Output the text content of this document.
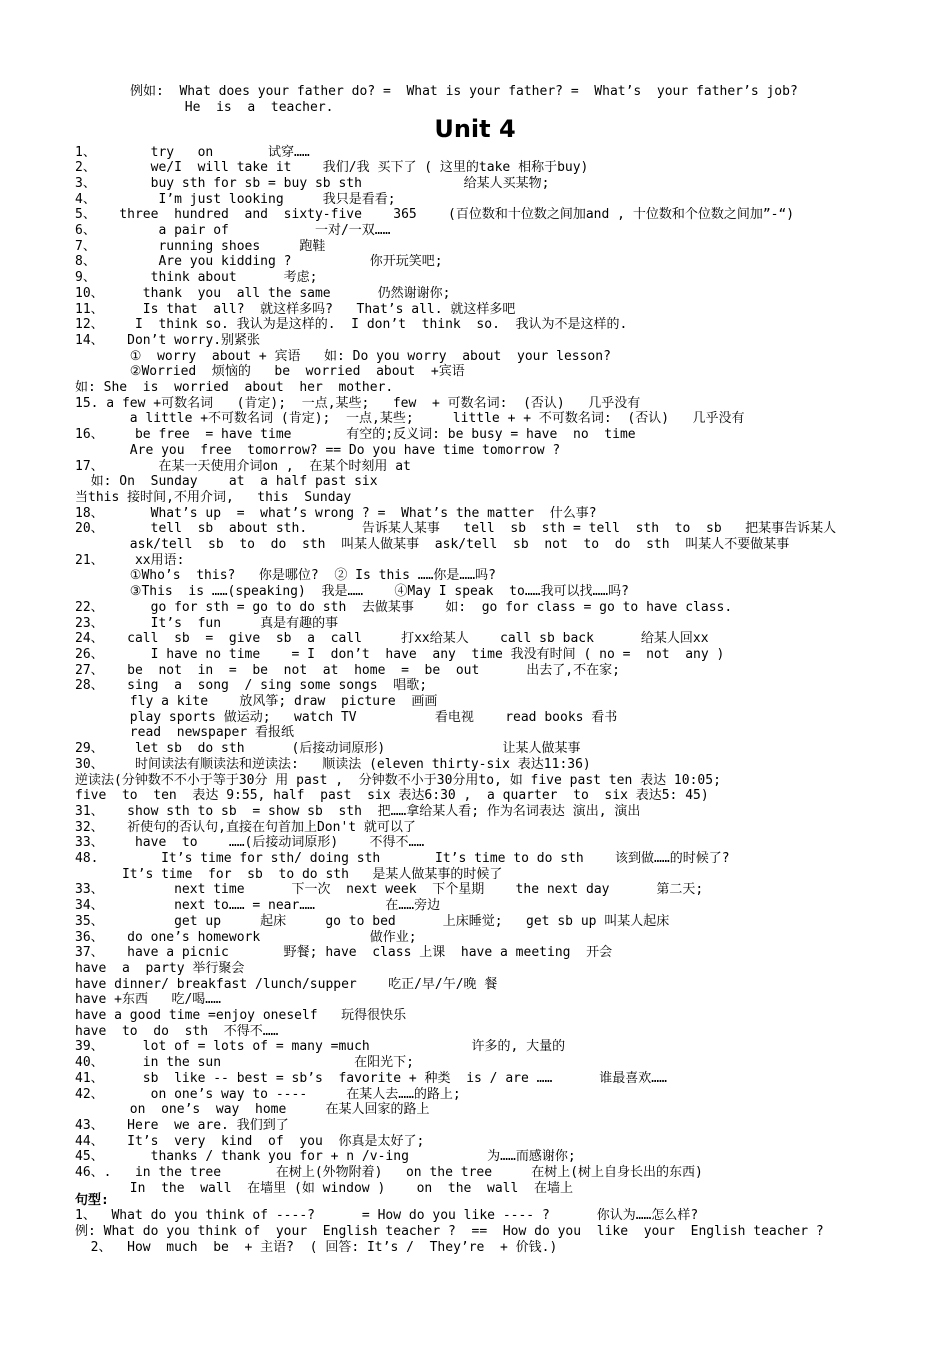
例如:  What does your father do? =  What is your father? =  What’s  your father’s job?
He  is  a  teacher.
Unit 4
1、       try   on       试穿……
2、       we/I  will take it    我们/我 买下了 ( 这里的take 相称于buy)
3、       buy sth for sb = buy sb sth             给某人买某物;
4、        I’m just looking     我只是看看;
5、   three  hundred  and  sixty-five    365    (百位数和十位数之间加and , 十位数和个位数之间加”-“)
6、        a pair of           一对/一双……
7、        running shoes     跑鞋
8、        Are you kidding ?          你开玩笑吧;
9、       think about      考虑;
10、     thank  you  all the same      仍然谢谢你;
11、     Is that  all?  就这样多吗?   That’s all. 就这样多吧
12、    I  think so. 我认为是这样的.  I don’t  think  so.  我认为不是这样的.
14、   Don’t worry.别紧张
①  worry  about + 宾语   如: Do you worry  about  your lesson?
②Worried  烦恼的   be  worried  about  +宾语
如: She  is  worried  about  her  mother.
15. a few +可数名词   (肯定);  一点,某些;   few  + 可数名词:  (否认)   几乎没有
a little +不可数名词 (肯定);  一点,某些;     little + + 不可数名词:  (否认)   几乎没有
16、    be free  = have time       有空的;反义词: be busy = have  no  time
Are you  free  tomorrow? == Do you have time tomorrow ?
17、       在某一天使用介词on ,  在某个时刻用 at
如: On  Sunday    at  a half past six
当this 接时间,不用介词,   this  Sunday
18、      What’s up  =  what’s wrong ? =  What’s the matter  什么事?
20、      tell  sb  about sth.       告诉某人某事   tell  sb  sth = tell  sth  to  sb   把某事告诉某人
ask/tell  sb  to  do  sth  叫某人做某事  ask/tell  sb  not  to  do  sth  叫某人不要做某事
21、    xx用语:
①Who’s  this?   你是哪位?  ② Is this ……你是……吗?
③This  is ……(speaking)  我是……    ④May I speak  to……我可以找……吗?
22、      go for sth = go to do sth  去做某事    如:  go for class = go to have class.
23、      It’s  fun     真是有趣的事
24、   call  sb  =  give  sb  a  call     打xx给某人    call sb back      给某人回xx
26、      I have no time    = I  don’t  have  any  time 我没有时间 ( no =  not  any )
27、   be  not  in  =  be  not  at  home  =  be  out      出去了,不在家;
28、   sing  a  song  / sing some songs  唱歌;
fly a kite    放风筝; draw  picture  画画
play sports 做运动;   watch TV          看电视    read books 看书
read  newspaper 看报纸
29、    let sb  do sth      (后接动词原形)               让某人做某事
30、    时间读法有顺读法和逆读法:   顺读法 (eleven thirty-six 表达11:36)
逆读法(分钟数不不小于等于30分 用 past ,  分钟数不小于30分用to, 如 five past ten 表达 10:05;
five  to  ten  表达 9:55, half  past  six 表达6:30 ,  a quarter  to  six 表达5: 45)
31、   show sth to sb  = show sb  sth  把……拿给某人看; 作为名词表达 演出, 演出
32、   祈使句的否认句,直接在句首加上Don't 就可以了
33、    have  to    ……(后接动词原形)    不得不……
48.        It’s time for sth/ doing sth       It’s time to do sth    该到做……的时候了?
It’s time  for  sb  to do sth   是某人做某事的时候了
33、         next time      下一次  next week  下个星期    the next day      第二天;
34、         next to…… = near……         在……旁边
35、         get up     起床     go to bed      上床睡觉;   get sb up 叫某人起床
36、   do one’s homework              做作业;
37、   have a picnic       野餐; have  class 上课  have a meeting  开会
have  a  party 举行聚会
have dinner/ breakfast /lunch/supper    吃正/早/午/晚 餐
have +东西   吃/喝……
have a good time =enjoy oneself   玩得很快乐
have  to  do  sth  不得不……
39、     lot of = lots of = many =much             许多的, 大量的
40、     in the sun                 在阳光下;
41、     sb  like -- best = sb’s  favorite + 种类  is / are ……      谁最喜欢……
42、      on one’s way to ----     在某人去……的路上;
on  one’s  way  home     在某人回家的路上
43、   Here  we are. 我们到了
44、   It’s  very  kind  of  you  你真是太好了;
45、      thanks / thank you for + n /v-ing          为……而感谢你;
46、.   in the tree       在树上(外物附着)   on the tree     在树上(树上自身长出的东西)
In  the  wall  在墙里 (如 window )    on  the  wall  在墙上
句型:
1、  What do you think of ----?      = How do you like ---- ?      你认为……怎么样?
例: What do you think of  your  English teacher ?  ==  How do you  like  your  English teacher ?
2、  How  much  be  + 主语?  ( 回答: It’s /  They’re  + 价钱.)
